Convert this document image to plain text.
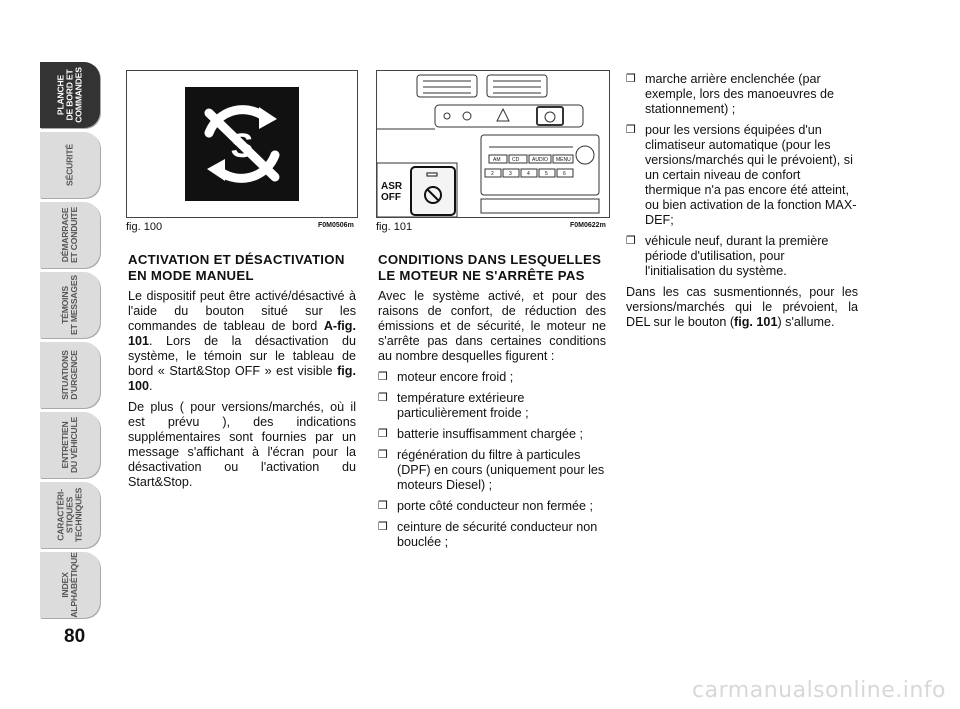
PLANCHE
DE BORD ET
COMMANDES
SÉCURITÉ
DÉMARRAGE
ET CONDUITE
TÉMOINS
ET MESSAGES
SITUATIONS
D'URGENCE
ENTRETIEN
DU VÉHICULE
CARACTÉRI-
STIQUES
TECHNIQUES
INDEX
ALPHABÉTIQUE
80
S
fig. 100	F0M0506m
ASR
OFF
AM CD	AUDIO MENU
2	3	4	5	6
fig. 101	F0M0622m
ACTIVATION ET DÉSACTIVATION EN MODE MANUEL

Le dispositif peut être activé/désactivé à l'aide du bouton situé sur les commandes de tableau de bord A-fig. 101. Lors de la désactivation du système, le témoin sur le tableau de bord « Start&Stop OFF » est visible fig. 100.

De plus ( pour versions/marchés, où il est prévu ), des indications supplémentaires sont fournies par un message s'affichant à l'écran pour la désactivation ou l'activation du Start&Stop.

CONDITIONS DANS LESQUELLES LE MOTEUR NE S'ARRÊTE PAS

Avec le système activé, et pour des raisons de confort, de réduction des émissions et de sécurité, le moteur ne s'arrête pas dans certaines conditions au nombre desquelles figurent :

❒ moteur encore froid ;
❒ température extérieure particulièrement froide ;
❒ batterie insuffisamment chargée ;
❒ régénération du filtre à particules (DPF) en cours (uniquement pour les moteurs Diesel) ;
❒ porte côté conducteur non fermée ;
❒ ceinture de sécurité conducteur non bouclée ;
❒ marche arrière enclenchée (par exemple, lors des manoeuvres de stationnement) ;
❒ pour les versions équipées d'un climatiseur automatique (pour les versions/marchés qui le prévoient), si un certain niveau de confort thermique n'a pas encore été atteint, ou bien activation de la fonction MAX-DEF;
❒ véhicule neuf, durant la première période d'utilisation, pour l'initialisation du système.

Dans les cas susmentionnés, pour les versions/marchés qui le prévoient, la DEL sur le bouton (fig. 101) s'allume.

carmanualsonline.info
